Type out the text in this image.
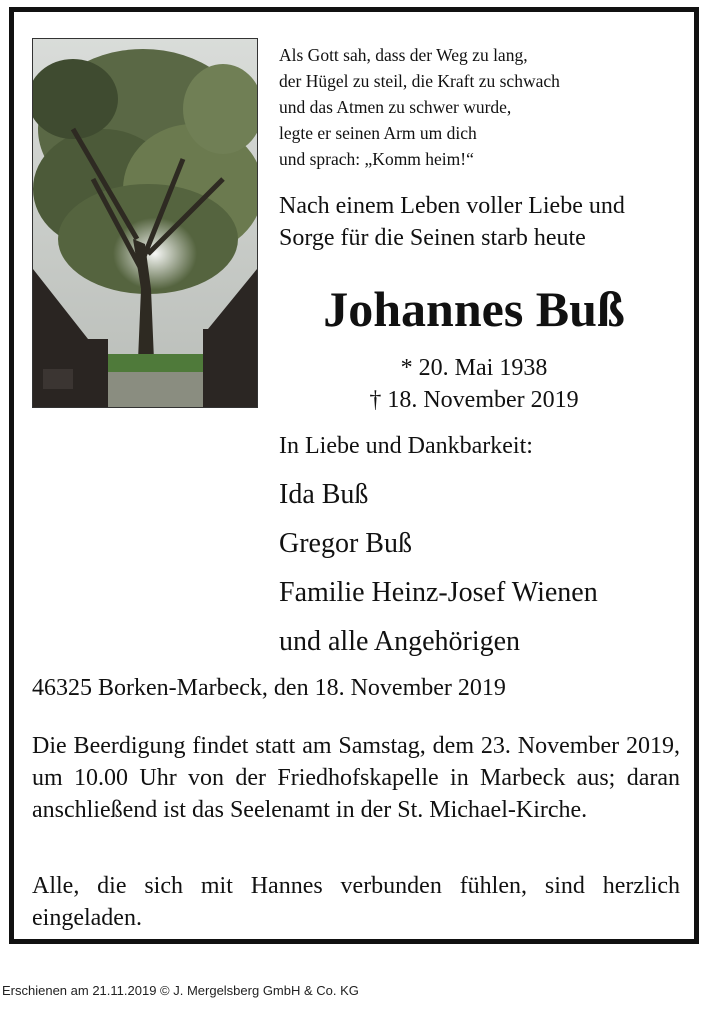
Als Gott sah, dass der Weg zu lang,
der Hügel zu steil, die Kraft zu schwach
und das Atmen zu schwer wurde,
legte er seinen Arm um dich
und sprach: „Komm heim!“
Nach einem Leben voller Liebe und
Sorge für die Seinen starb heute
Johannes Buß
* 20. Mai 1938
† 18. November 2019
In Liebe und Dankbarkeit:
Ida Buß
Gregor Buß
Familie Heinz-Josef Wienen
und alle Angehörigen
46325 Borken-Marbeck, den 18. November 2019
Die Beerdigung findet statt am Samstag, dem 23. November 2019, um 10.00 Uhr von der Friedhofskapelle in Marbeck aus; daran anschließend ist das Seelenamt in der St. Michael-Kirche.
Alle, die sich mit Hannes verbunden fühlen, sind herzlich eingeladen.
Erschienen am 21.11.2019 © J. Mergelsberg GmbH & Co. KG
